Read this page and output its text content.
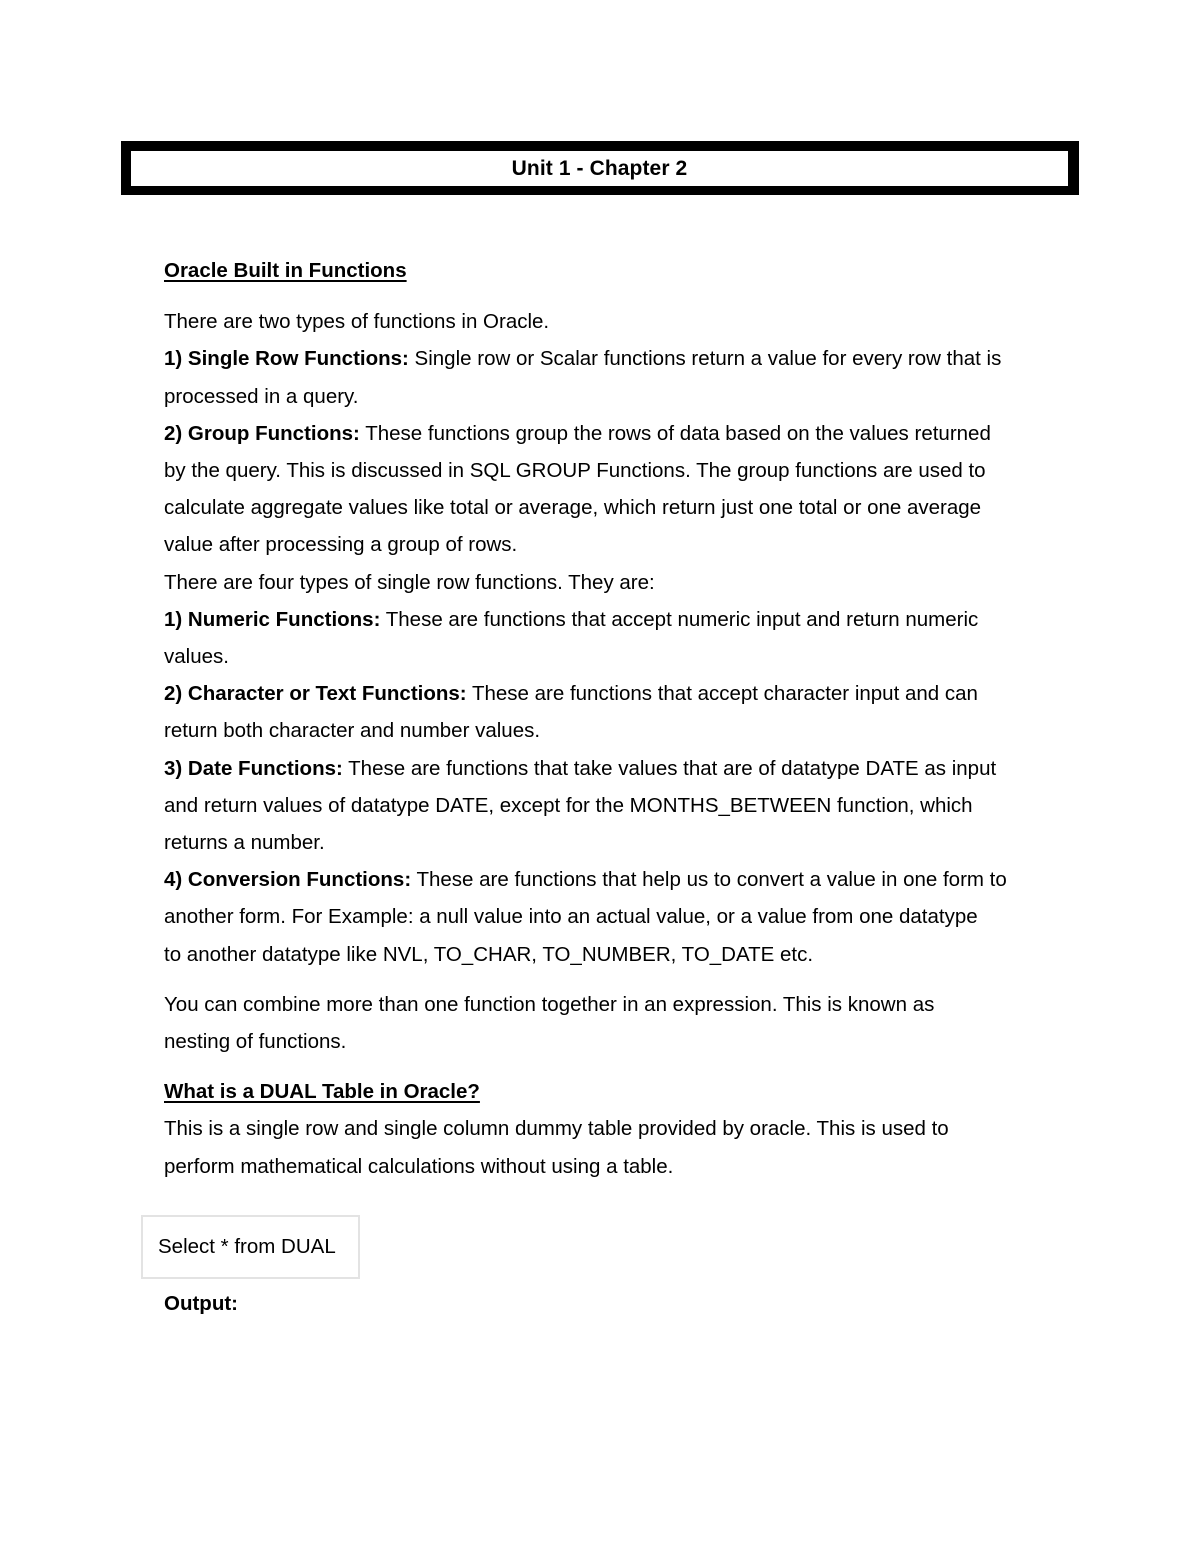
Unit 1 - Chapter 2
Oracle Built in Functions
There are two types of functions in Oracle.
1) Single Row Functions: Single row or Scalar functions return a value for every row that is
processed in a query.
2) Group Functions: These functions group the rows of data based on the values returned
by the query. This is discussed in SQL GROUP Functions. The group functions are used to
calculate aggregate values like total or average, which return just one total or one average
value after processing a group of rows.
There are four types of single row functions. They are:
1) Numeric Functions: These are functions that accept numeric input and return numeric
values.
2) Character or Text Functions: These are functions that accept character input and can
return both character and number values.
3) Date Functions: These are functions that take values that are of datatype DATE as input
and return values of datatype DATE, except for the MONTHS_BETWEEN function, which
returns a number.
4) Conversion Functions: These are functions that help us to convert a value in one form to
another form. For Example: a null value into an actual value, or a value from one datatype
to another datatype like NVL, TO_CHAR, TO_NUMBER, TO_DATE etc.
You can combine more than one function together in an expression. This is known as
nesting of functions.
What is a DUAL Table in Oracle?
This is a single row and single column dummy table provided by oracle. This is used to
perform mathematical calculations without using a table.
Select * from DUAL
Output:
